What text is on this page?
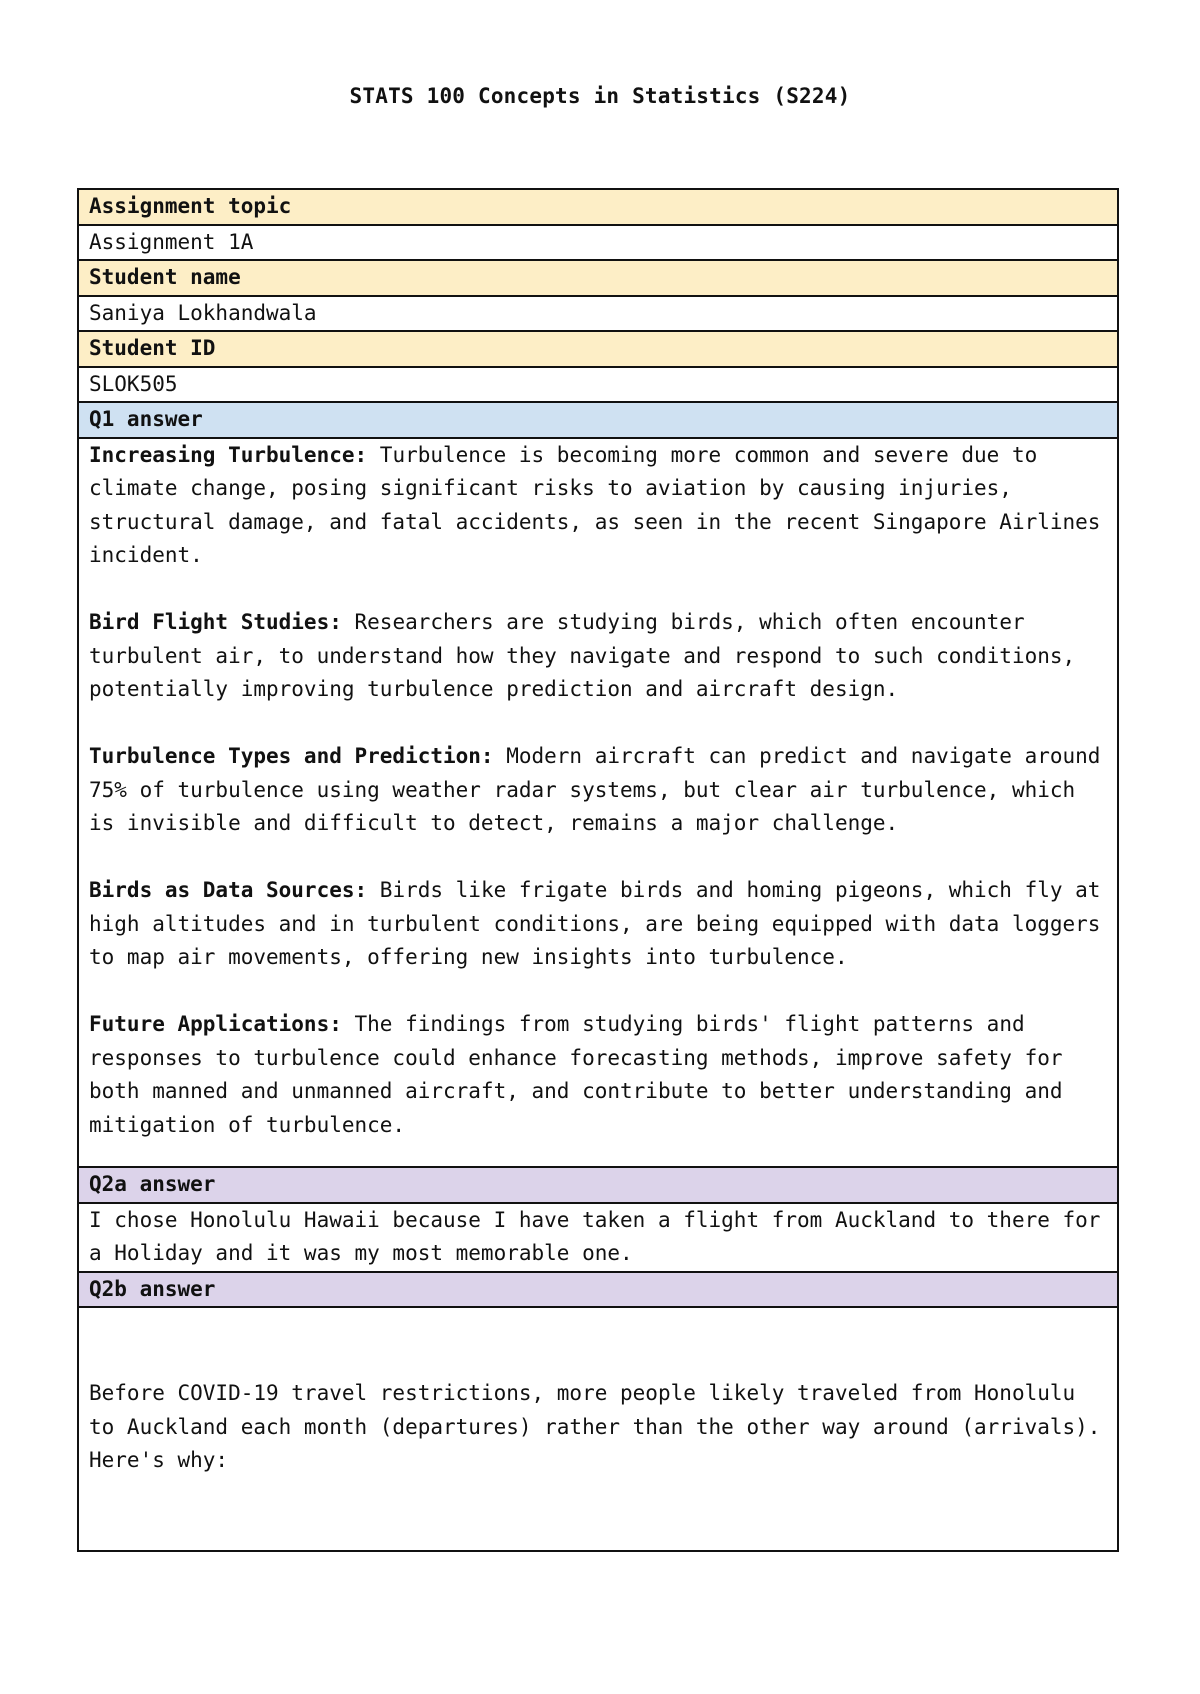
STATS 100 Concepts in Statistics (S224)
Assignment topic
Assignment 1A
Student name
Saniya Lokhandwala
Student ID
SLOK505
Q1 answer

Increasing Turbulence: Turbulence is becoming more common and severe due to climate change, posing significant risks to aviation by causing injuries, structural damage, and fatal accidents, as seen in the recent Singapore Airlines incident.

Bird Flight Studies: Researchers are studying birds, which often encounter turbulent air, to understand how they navigate and respond to such conditions, potentially improving turbulence prediction and aircraft design.

Turbulence Types and Prediction: Modern aircraft can predict and navigate around 75% of turbulence using weather radar systems, but clear air turbulence, which is invisible and difficult to detect, remains a major challenge.

Birds as Data Sources: Birds like frigate birds and homing pigeons, which fly at high altitudes and in turbulent conditions, are being equipped with data loggers to map air movements, offering new insights into turbulence.

Future Applications: The findings from studying birds' flight patterns and responses to turbulence could enhance forecasting methods, improve safety for both manned and unmanned aircraft, and contribute to better understanding and mitigation of turbulence.

Q2a answer
I chose Honolulu Hawaii because I have taken a flight from Auckland to there for a Holiday and it was my most memorable one.
Q2b answer
Before COVID-19 travel restrictions, more people likely traveled from Honolulu to Auckland each month (departures) rather than the other way around (arrivals). Here's why:
